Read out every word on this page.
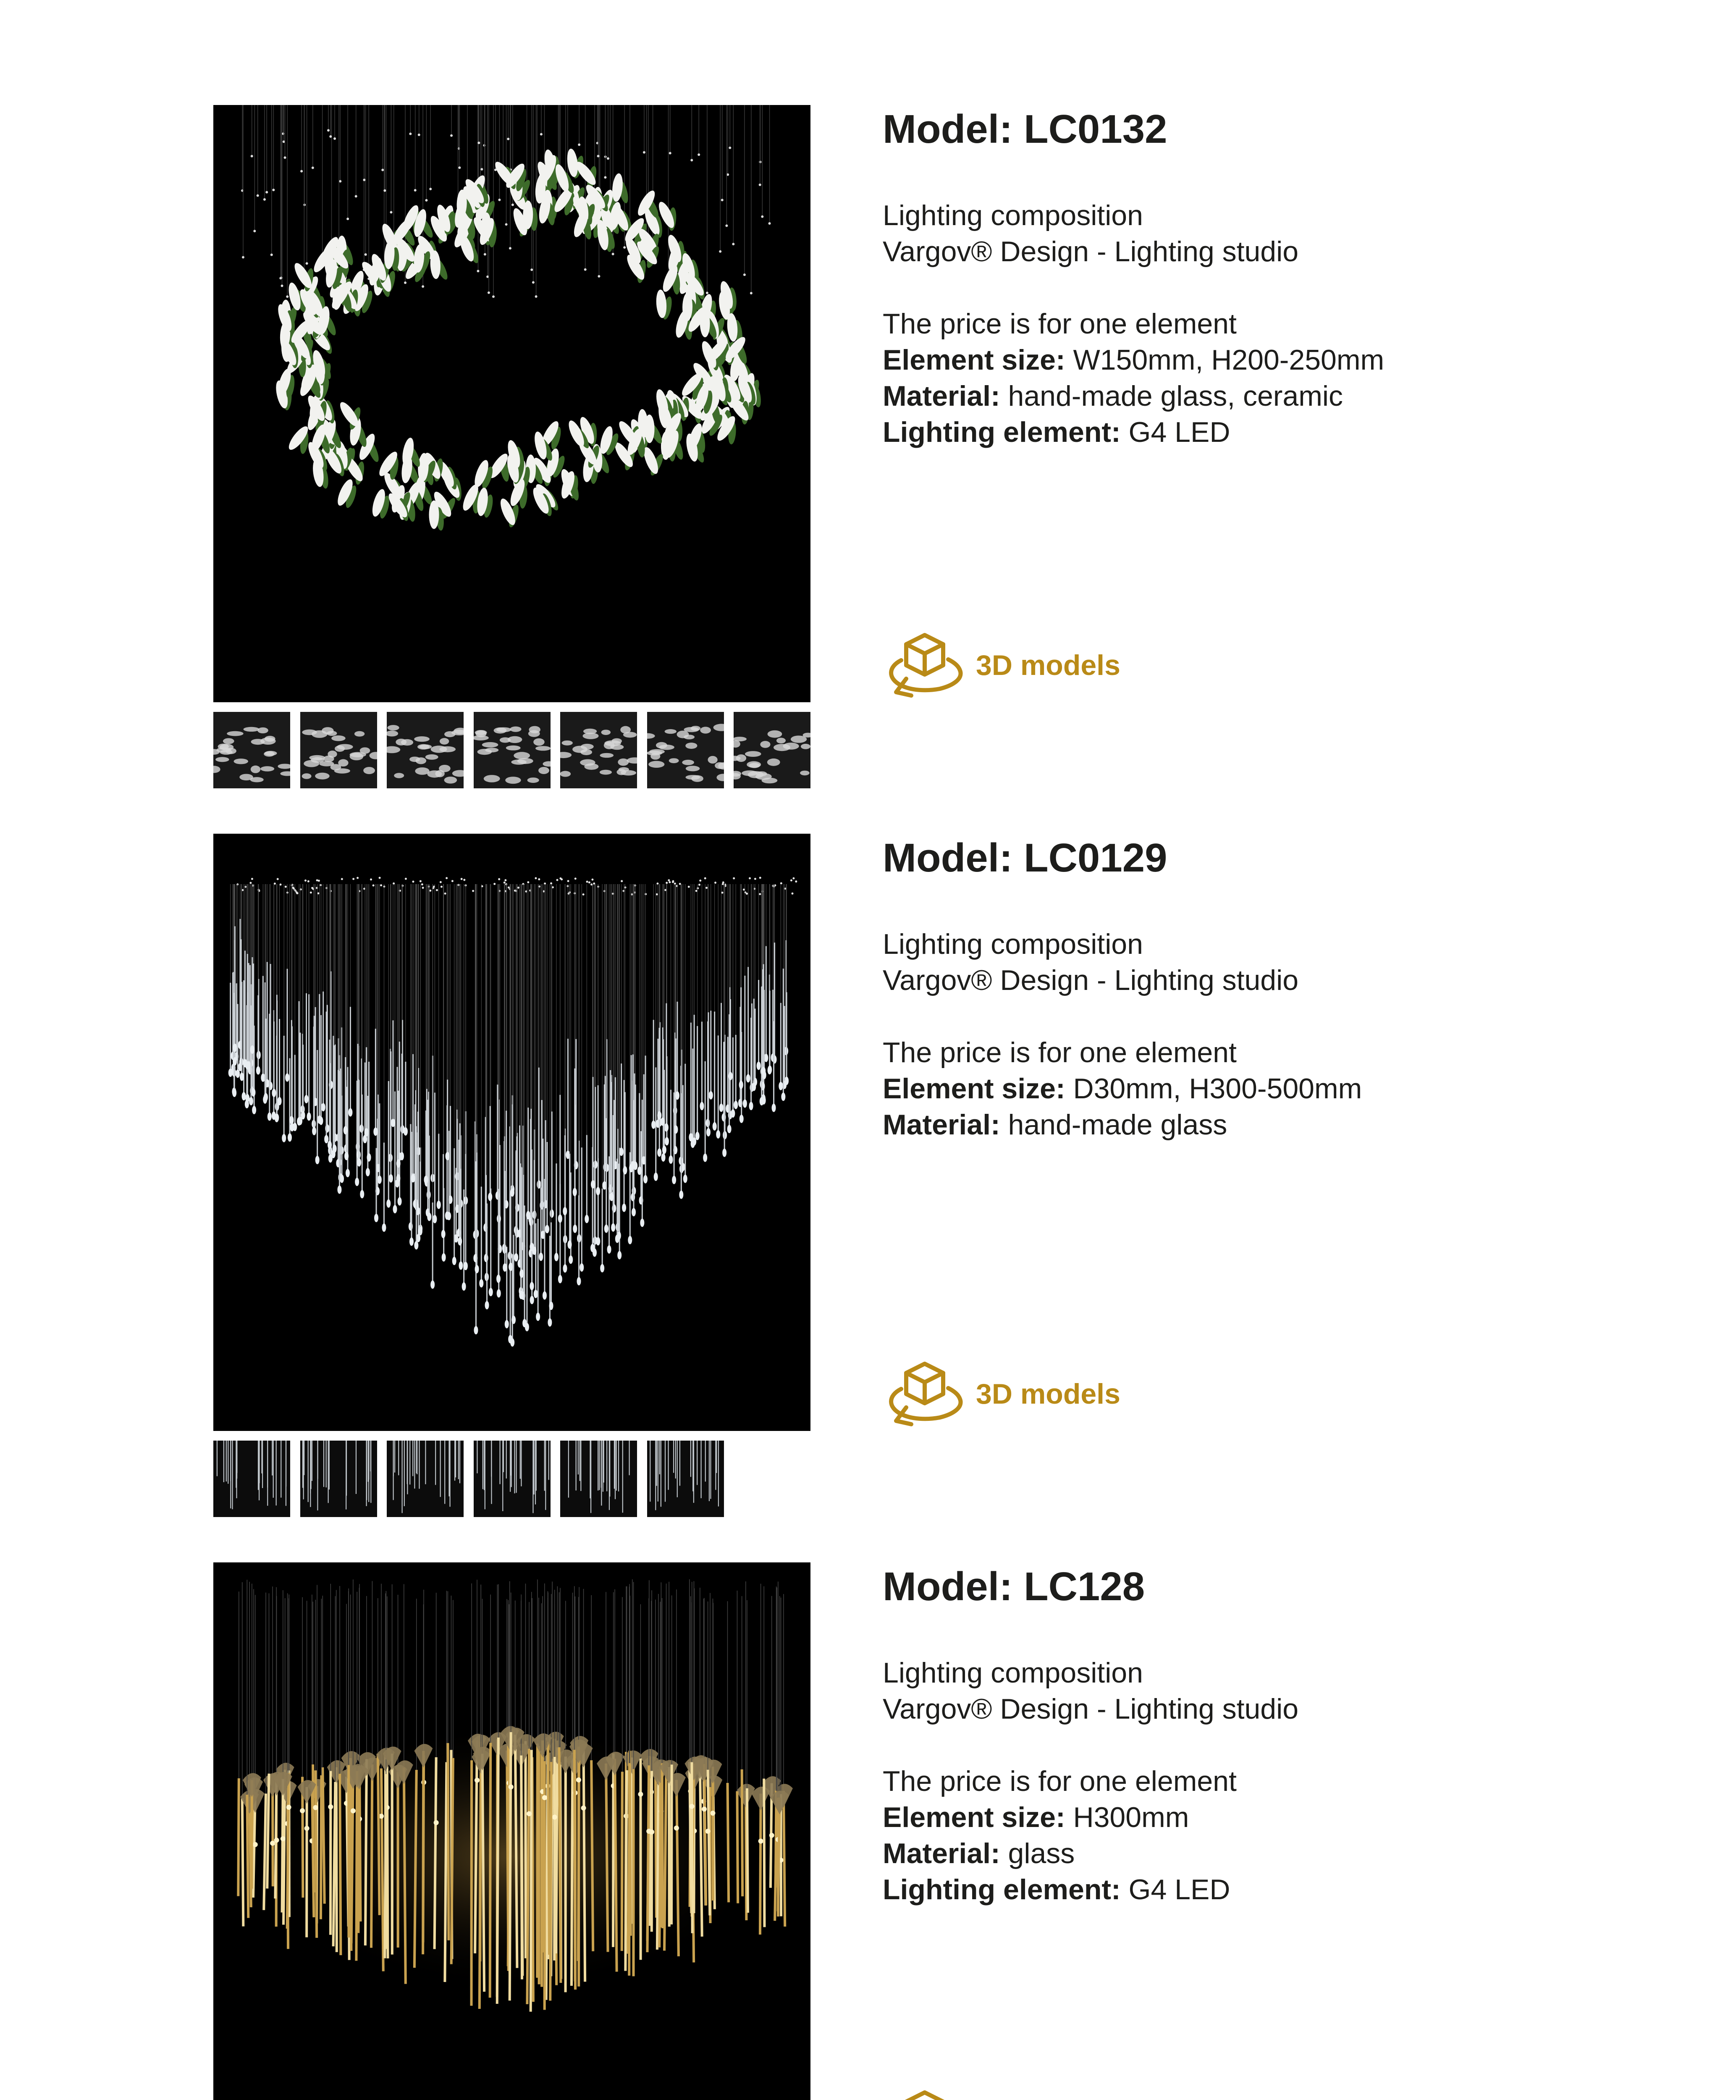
Model: LC0132
Lighting composition
Vargov® Design - Lighting studio
The price is for one element
Element size: W150mm, H200-250mm
Material: hand-made glass, ceramic
Lighting element: G4 LED
3D models
Model: LC0129
Lighting composition
Vargov® Design - Lighting studio
The price is for one element
Element size: D30mm, H300-500mm
Material: hand-made glass
3D models
Model: LC128
Lighting composition
Vargov® Design - Lighting studio
The price is for one element
Element size: H300mm
Material: glass
Lighting element: G4 LED
